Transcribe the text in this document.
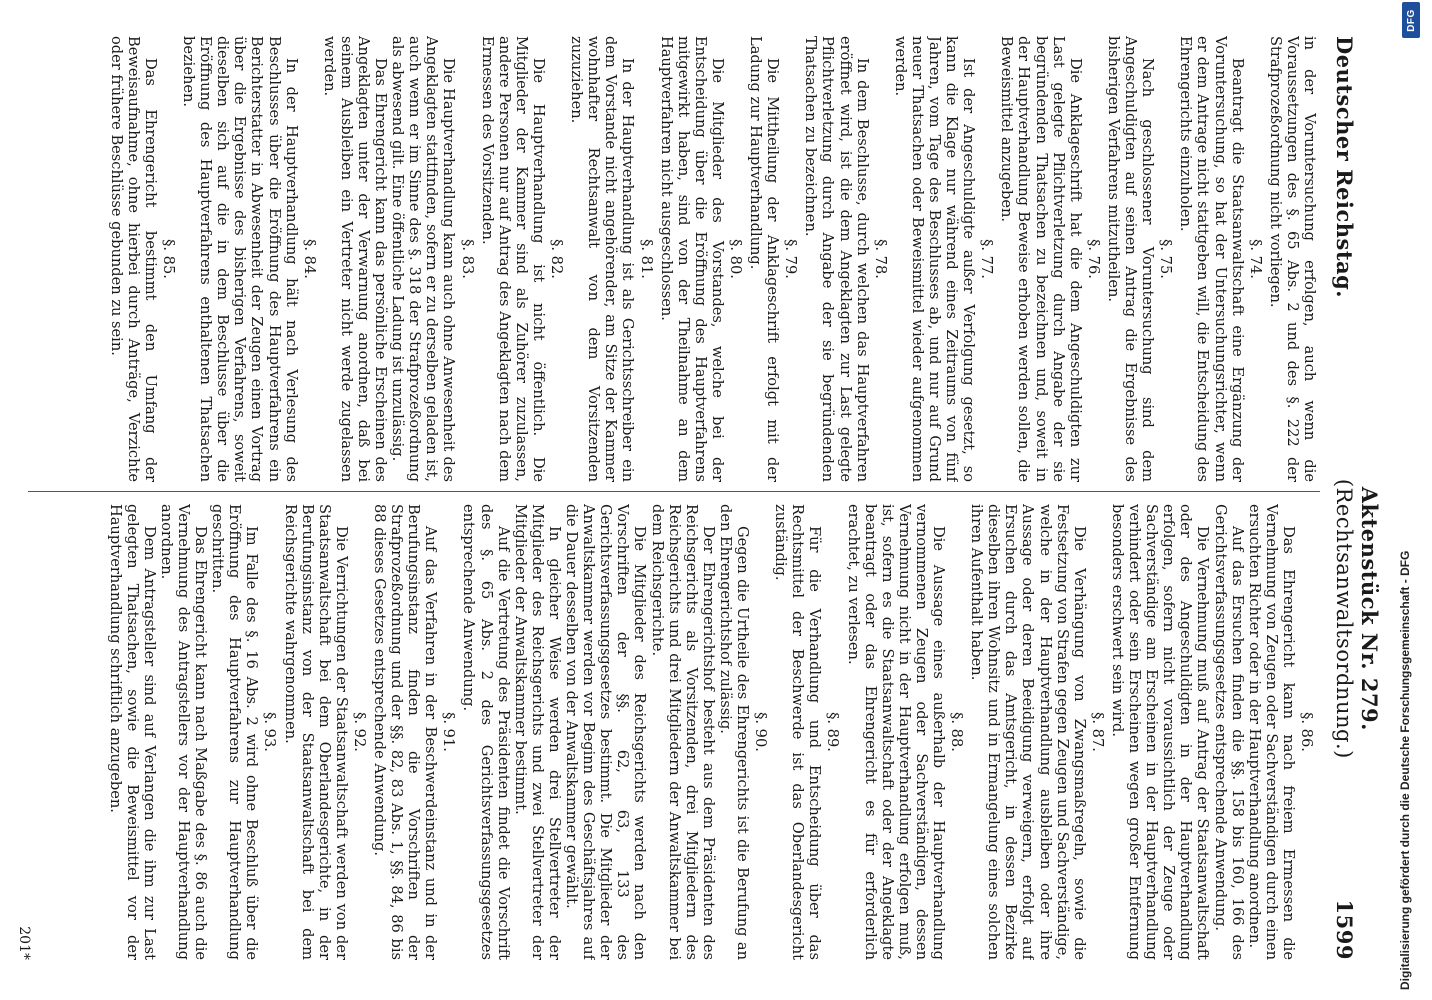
Deutscher Reichstag.
Aktenstück Nr. 279. (Rechtsanwaltsordnung.)
1599

in der Voruntersuchung erfolgen, auch wenn die Voraussetzungen des §. 65 Abs. 2 und des §. 222 der Strafprozeßordnung nicht vorliegen.

§. 74.

Beantragt die Staatsanwaltschaft eine Ergänzung der Voruntersuchung, so hat der Untersuchungsrichter, wenn er dem Antrage nicht stattgeben will, die Entscheidung des Ehrengerichts einzuholen.

§. 75.

Nach geschlossener Voruntersuchung sind dem Angeschuldigten auf seinen Antrag die Ergebnisse des bisherigen Verfahrens mitzutheilen.

§. 76.

Die Anklageschrift hat die dem Angeschuldigten zur Last gelegte Pflichtverletzung durch Angabe der sie begründenden Thatsachen zu bezeichnen und, soweit in der Hauptverhandlung Beweise erhoben werden sollen, die Beweismittel anzugeben.

§. 77.

Ist der Angeschuldigte außer Verfolgung gesetzt, so kann die Klage nur während eines Zeitraums von fünf Jahren, vom Tage des Beschlusses ab, und nur auf Grund neuer Thatsachen oder Beweismittel wieder aufgenommen werden.

§. 78.

In dem Beschlusse, durch welchen das Hauptverfahren eröffnet wird, ist die dem Angeklagten zur Last gelegte Pflichtverletzung durch Angabe der sie begründenden Thatsachen zu bezeichnen.

§. 79.

Die Mittheilung der Anklageschrift erfolgt mit der Ladung zur Hauptverhandlung.

§. 80.

Die Mitglieder des Vorstandes, welche bei der Entscheidung über die Eröffnung des Hauptverfahrens mitgewirkt haben, sind von der Theilnahme an dem Hauptverfahren nicht ausgeschlossen.

§. 81.

In der Hauptverhandlung ist als Gerichtsschreiber ein dem Vorstande nicht angehörender, am Sitze der Kammer wohnhafter Rechtsanwalt von dem Vorsitzenden zuzuziehen.

§. 82.

Die Hauptverhandlung ist nicht öffentlich. Die Mitglieder der Kammer sind als Zuhörer zuzulassen, andere Personen nur auf Antrag des Angeklagten nach dem Ermessen des Vorsitzenden.

§. 83.

Die Hauptverhandlung kann auch ohne Anwesenheit des Angeklagten stattfinden, sofern er zu derselben geladen ist, auch wenn er im Sinne des §. 318 der Strafprozeßordnung als abwesend gilt. Eine öffentliche Ladung ist unzulässig.

Das Ehrengericht kann das persönliche Erscheinen des Angeklagten unter der Verwarnung anordnen, daß bei seinem Ausbleiben ein Vertreter nicht werde zugelassen werden.

§. 84.

In der Hauptverhandlung hält nach Verlesung des Beschlusses über die Eröffnung des Hauptverfahrens ein Berichterstatter in Abwesenheit der Zeugen einen Vortrag über die Ergebnisse des bisherigen Verfahrens, soweit dieselben sich auf die in dem Beschlusse über die Eröffnung des Hauptverfahrens enthaltenen Thatsachen beziehen.

§. 85.

Das Ehrengericht bestimmt den Umfang der Beweisaufnahme, ohne hierbei durch Anträge, Verzichte oder frühere Beschlüsse gebunden zu sein.

§. 86.

Das Ehrengericht kann nach freiem Ermessen die Vernehmung von Zeugen oder Sachverständigen durch einen ersuchten Richter oder in der Hauptverhandlung anordnen.

Auf das Ersuchen finden die §§. 158 bis 160, 166 des Gerichtsverfassungsgesetzes entsprechende Anwendung.

Die Vernehmung muß auf Antrag der Staatsanwaltschaft oder des Angeschuldigten in der Hauptverhandlung erfolgen, sofern nicht voraussichtlich der Zeuge oder Sachverständige am Erscheinen in der Hauptverhandlung verhindert oder sein Erscheinen wegen großer Entfernung besonders erschwert sein wird.

§. 87.

Die Verhängung von Zwangsmaßregeln, sowie die Festsetzung von Strafen gegen Zeugen und Sachverständige, welche in der Hauptverhandlung ausbleiben oder ihre Aussage oder deren Beeidigung verweigern, erfolgt auf Ersuchen durch das Amtsgericht, in dessen Bezirke dieselben ihren Wohnsitz und in Ermangelung eines solchen ihren Aufenthalt haben.

§. 88.

Die Aussage eines außerhalb der Hauptverhandlung vernommenen Zeugen oder Sachverständigen, dessen Vernehmung nicht in der Hauptverhandlung erfolgen muß, ist, sofern es die Staatsanwaltschaft oder der Angeklagte beantragt oder das Ehrengericht es für erforderlich erachtet, zu verlesen.

§. 89.

Für die Verhandlung und Entscheidung über das Rechtsmittel der Beschwerde ist das Oberlandesgericht zuständig.

§. 90.

Gegen die Urtheile des Ehrengerichts ist die Berufung an den Ehrengerichtshof zulässig.

Der Ehrengerichtshof besteht aus dem Präsidenten des Reichsgerichts als Vorsitzenden, drei Mitgliedern des Reichsgerichts und drei Mitgliedern der Anwaltskammer bei dem Reichsgerichte.

Die Mitglieder des Reichsgerichts werden nach den Vorschriften der §§. 62, 63, 133 des Gerichtsverfassungsgesetzes bestimmt. Die Mitglieder der Anwaltskammer werden vor Beginn des Geschäftsjahres auf die Dauer desselben von der Anwaltskammer gewählt.

In gleicher Weise werden drei Stellvertreter der Mitglieder des Reichsgerichts und zwei Stellvertreter der Mitglieder der Anwaltskammer bestimmt.

Auf die Vertretung des Präsidenten findet die Vorschrift des §. 65 Abs. 2 des Gerichtsverfassungsgesetzes entsprechende Anwendung.

§. 91.

Auf das Verfahren in der Beschwerdeinstanz und in der Berufungsinstanz finden die Vorschriften der Strafprozeßordnung und der §§. 82, 83 Abs. 1, §§. 84, 86 bis 88 dieses Gesetzes entsprechende Anwendung.

§. 92.

Die Verrichtungen der Staatsanwaltschaft werden von der Staatsanwaltschaft bei dem Oberlandesgerichte, in der Berufungsinstanz von der Staatsanwaltschaft bei dem Reichsgerichte wahrgenommen.

§. 93.

Im Falle des §. 16 Abs. 2 wird ohne Beschluß über die Eröffnung des Hauptverfahrens zur Hauptverhandlung geschritten.

Das Ehrengericht kann nach Maßgabe des §. 86 auch die Vernehmung des Antragstellers vor der Hauptverhandlung anordnen.

Dem Antragsteller sind auf Verlangen die ihm zur Last gelegten Thatsachen, sowie die Beweismittel vor der Hauptverhandlung schriftlich anzugeben.

201*	Digitalisierung gefördert durch die Deutsche Forschungsgemeinschaft - DFG
DFG
